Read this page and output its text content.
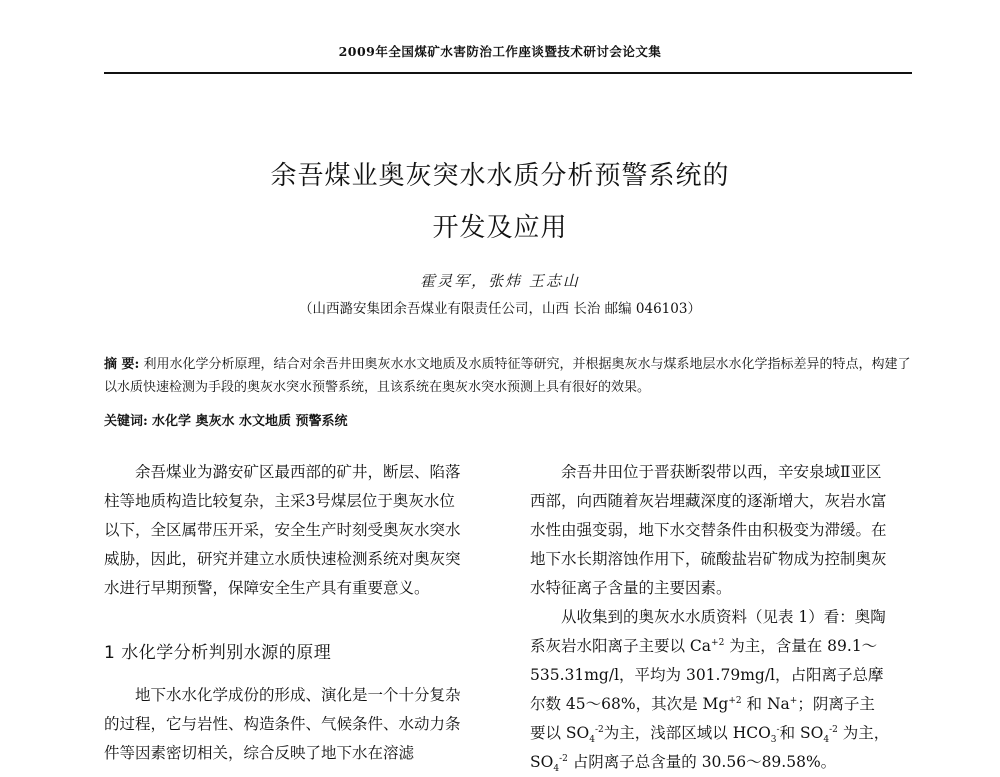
2009年全国煤矿水害防治工作座谈暨技术研讨会论文集
余吾煤业奥灰突水水质分析预警系统的
开发及应用
霍灵军，张炜 王志山
（山西潞安集团余吾煤业有限责任公司，山西 长治 邮编 046103）
摘 要: 利用水化学分析原理，结合对余吾井田奥灰水水文地质及水质特征等研究，并根据奥灰水与煤系地层水水化学指标差异的特点，构建了以水质快速检测为手段的奥灰水突水预警系统，且该系统在奥灰水突水预测上具有很好的效果。
关键词: 水化学 奥灰水 水文地质 预警系统

余吾煤业为潞安矿区最西部的矿井，断层、陷落柱等地质构造比较复杂，主采3号煤层位于奥灰水位以下，全区属带压开采，安全生产时刻受奥灰水突水威胁，因此，研究并建立水质快速检测系统对奥灰突水进行早期预警，保障安全生产具有重要意义。

1 水化学分析判别水源的原理

地下水水化学成份的形成、演化是一个十分复杂的过程，它与岩性、构造条件、气候条件、水动力条件等因素密切相关，综合反映了地下水在溶滤

余吾井田位于晋获断裂带以西，辛安泉域Ⅱ亚区西部，向西随着灰岩埋藏深度的逐渐增大，灰岩水富水性由强变弱，地下水交替条件由积极变为滞缓。在地下水长期溶蚀作用下，硫酸盐岩矿物成为控制奥灰水特征离子含量的主要因素。

从收集到的奥灰水水质资料（见表 1）看：奥陶系灰岩水阳离子主要以 $Ca^{+2}$ 为主，含量在 89.1～535.31mg/l，平均为 301.79mg/l，占阳离子总摩尔数 45～68%，其次是 $Mg^{+2}$ 和 Na+；阴离子主要以 $SO_4^{-2}$为主，浅部区域以 $HCO_3^-$和 $SO_4^{-2}$ 为主，$SO_4^{-2}$ 占阴离子总含量的 30.56～89.58%。
